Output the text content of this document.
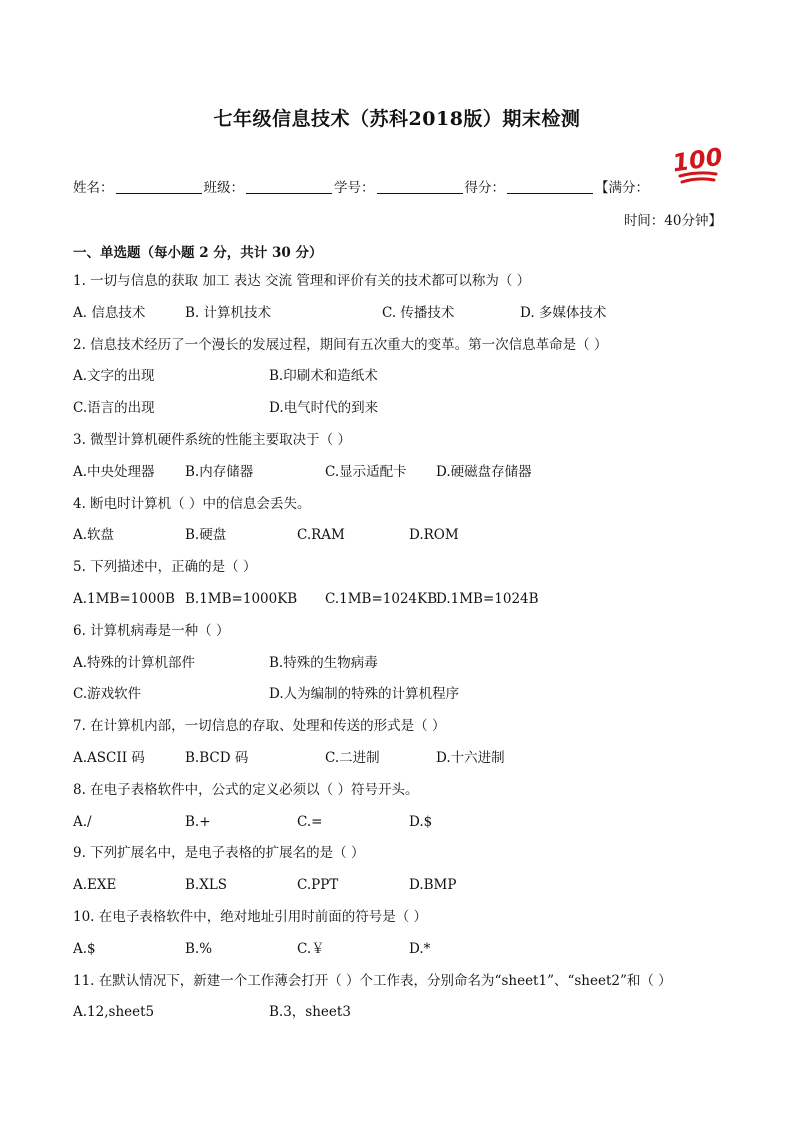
七年级信息技术（苏科2018版）期末检测
姓名：	班级：	学号：	得分：	【满分：
100
时间：40分钟】
一、单选题（每小题 2 分，共计 30 分）
1. 一切与信息的获取 加工 表达 交流 管理和评价有关的技术都可以称为（ ）
A. 信息技术	B. 计算机技术	C. 传播技术	D. 多媒体技术
2. 信息技术经历了一个漫长的发展过程，期间有五次重大的变革。第一次信息革命是（ ）
A.文字的出现	B.印刷术和造纸术
C.语言的出现	D.电气时代的到来
3. 微型计算机硬件系统的性能主要取决于（ ）
A.中央处理器 B.内存储器	C.显示适配卡 D.硬磁盘存储器
4. 断电时计算机（ ）中的信息会丢失。
A.软盘	B.硬盘	C.RAM	D.ROM
5. 下列描述中，正确的是（ ）
A.1MB=1000B B.1MB=1000KB C.1MB=1024KB
D.1MB=1024B
6. 计算机病毒是一种（ ）
A.特殊的计算机部件	B.特殊的生物病毒
C.游戏软件	D.人为编制的特殊的计算机程序
7. 在计算机内部，一切信息的存取、处理和传送的形式是（ ）
A.ASCII 码	B.BCD 码	C.二进制	D.十六进制
8. 在电子表格软件中，公式的定义必须以（ ）符号开头。
A./	B.+	C.=	D.$
9. 下列扩展名中，是电子表格的扩展名的是（ ）
A.EXE	B.XLS	C.PPT	D.BMP
10. 在电子表格软件中，绝对地址引用时前面的符号是（ ）
A.$	B.%	C.￥	D.*
11. 在默认情况下，新建一个工作薄会打开（ ）个工作表，分别命名为“sheet1”、“sheet2”和（ ）
A.12,sheet5	B.3，sheet3
